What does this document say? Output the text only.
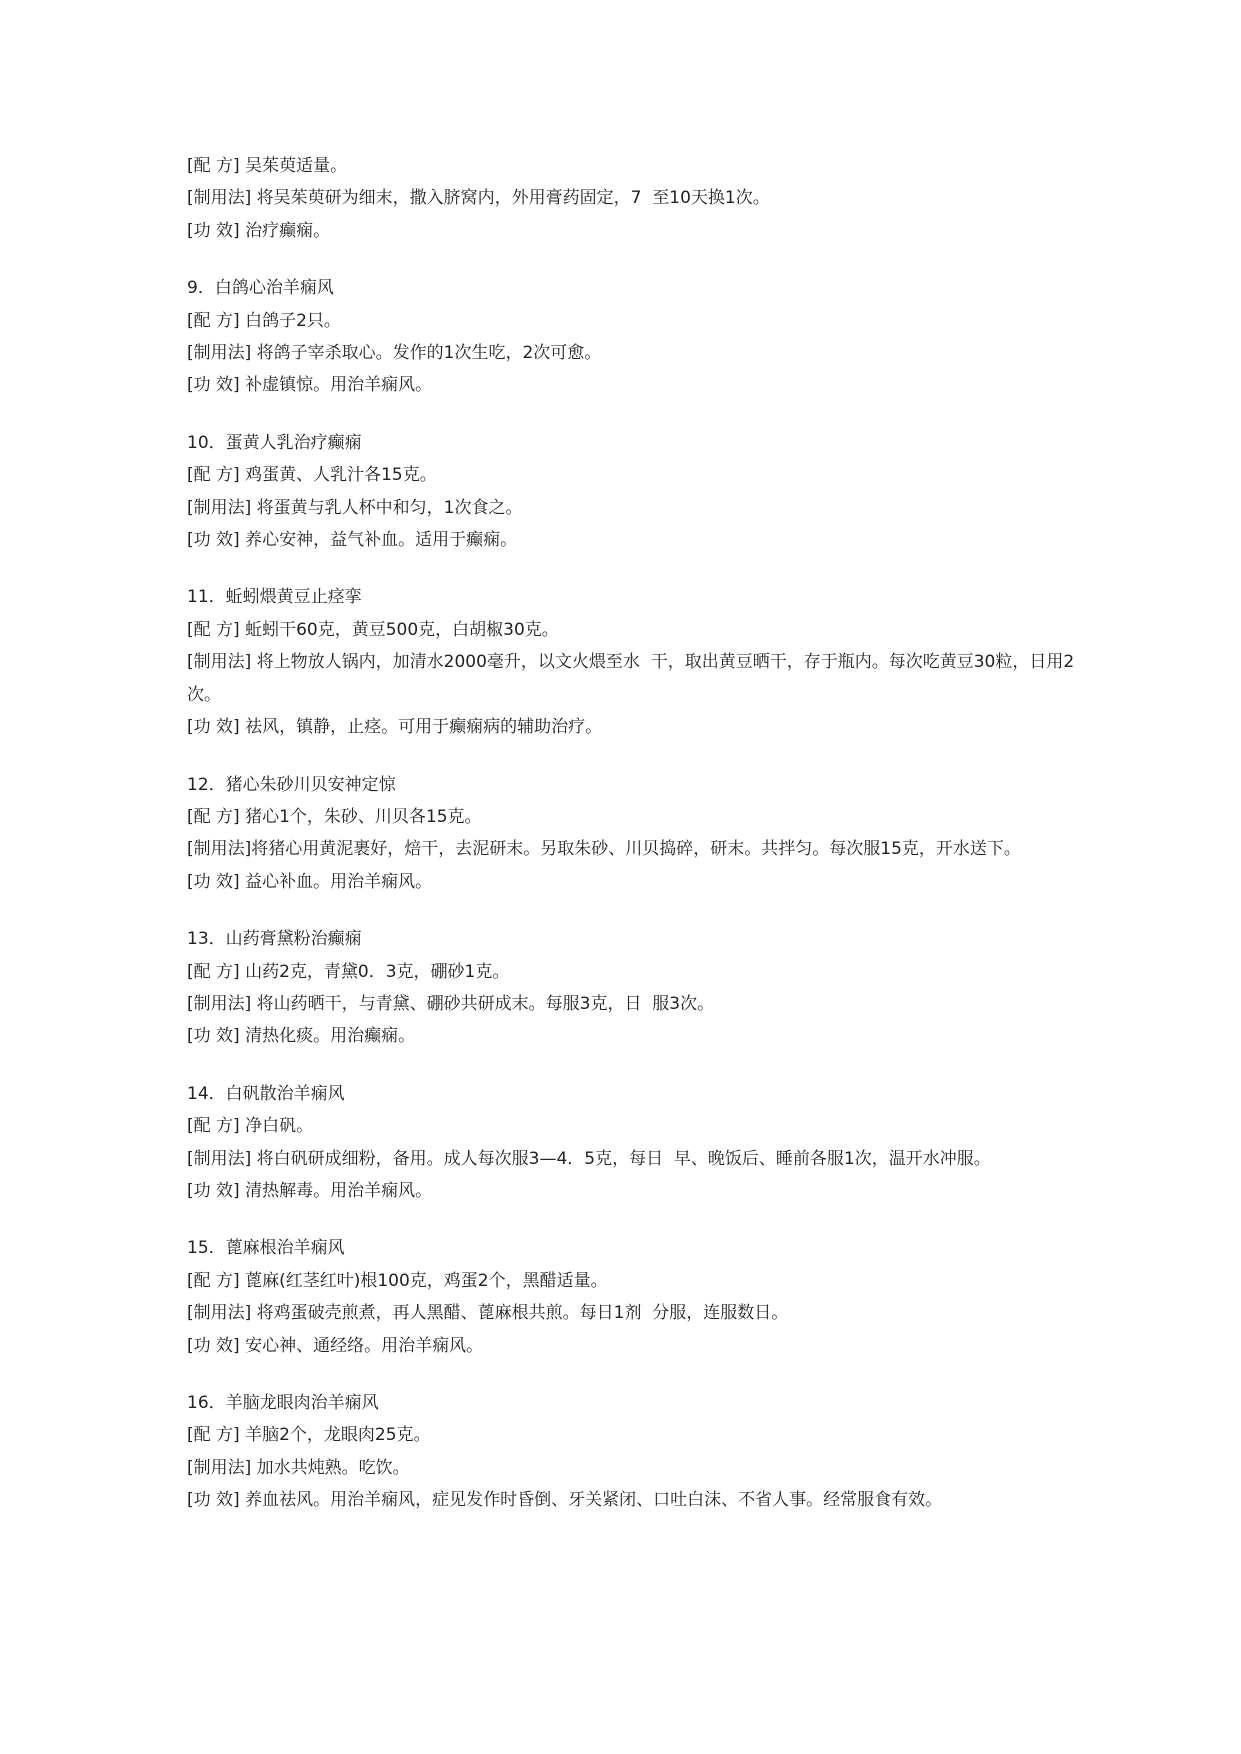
[配 方] 吴茱萸适量。
[制用法] 将吴茱萸研为细末，撒入脐窝内，外用膏药固定，7  至10天换1次。
[功 效] 治疗癫痫。
9．白鸽心治羊痫风
[配 方] 白鸽子2只。
[制用法] 将鸽子宰杀取心。发作的1次生吃，2次可愈。
[功 效] 补虚镇惊。用治羊痫风。
10．蛋黄人乳治疗癫痫
[配 方] 鸡蛋黄、人乳汁各15克。
[制用法] 将蛋黄与乳人杯中和匀，1次食之。
[功 效] 养心安神，益气补血。适用于癫痫。
11．蚯蚓煨黄豆止痉挛
[配 方] 蚯蚓干60克，黄豆500克，白胡椒30克。
[制用法] 将上物放人锅内，加清水2000毫升，以文火煨至水  干，取出黄豆晒干，存于瓶内。每次吃黄豆30粒，日用2次。
[功 效] 祛风，镇静，止痉。可用于癫痫病的辅助治疗。
12．猪心朱砂川贝安神定惊
[配 方] 猪心1个，朱砂、川贝各15克。
[制用法]将猪心用黄泥裹好，焙干，去泥研末。另取朱砂、川贝捣碎，研末。共拌匀。每次服15克，开水送下。
[功 效] 益心补血。用治羊痫风。
13．山药膏黛粉治癫痫
[配 方] 山药2克，青黛0．3克，硼砂1克。
[制用法] 将山药晒干，与青黛、硼砂共研成末。每服3克，日  服3次。
[功 效] 清热化痰。用治癫痫。
14．白矾散治羊痫风
[配 方] 净白矾。
[制用法] 将白矾研成细粉，备用。成人每次服3—4．5克，每日  早、晚饭后、睡前各服1次，温开水冲服。
[功 效] 清热解毒。用治羊痫风。
15．蓖麻根治羊痫风
[配 方] 蓖麻(红茎红叶)根100克，鸡蛋2个，黑醋适量。
[制用法] 将鸡蛋破壳煎煮，再人黑醋、蓖麻根共煎。每日1剂  分服，连服数日。
[功 效] 安心神、通经络。用治羊痫风。
16．羊脑龙眼肉治羊痫风
[配 方] 羊脑2个，龙眼肉25克。
[制用法] 加水共炖熟。吃饮。
[功 效] 养血祛风。用治羊痫风，症见发作时昏倒、牙关紧闭、口吐白沫、不省人事。经常服食有效。
